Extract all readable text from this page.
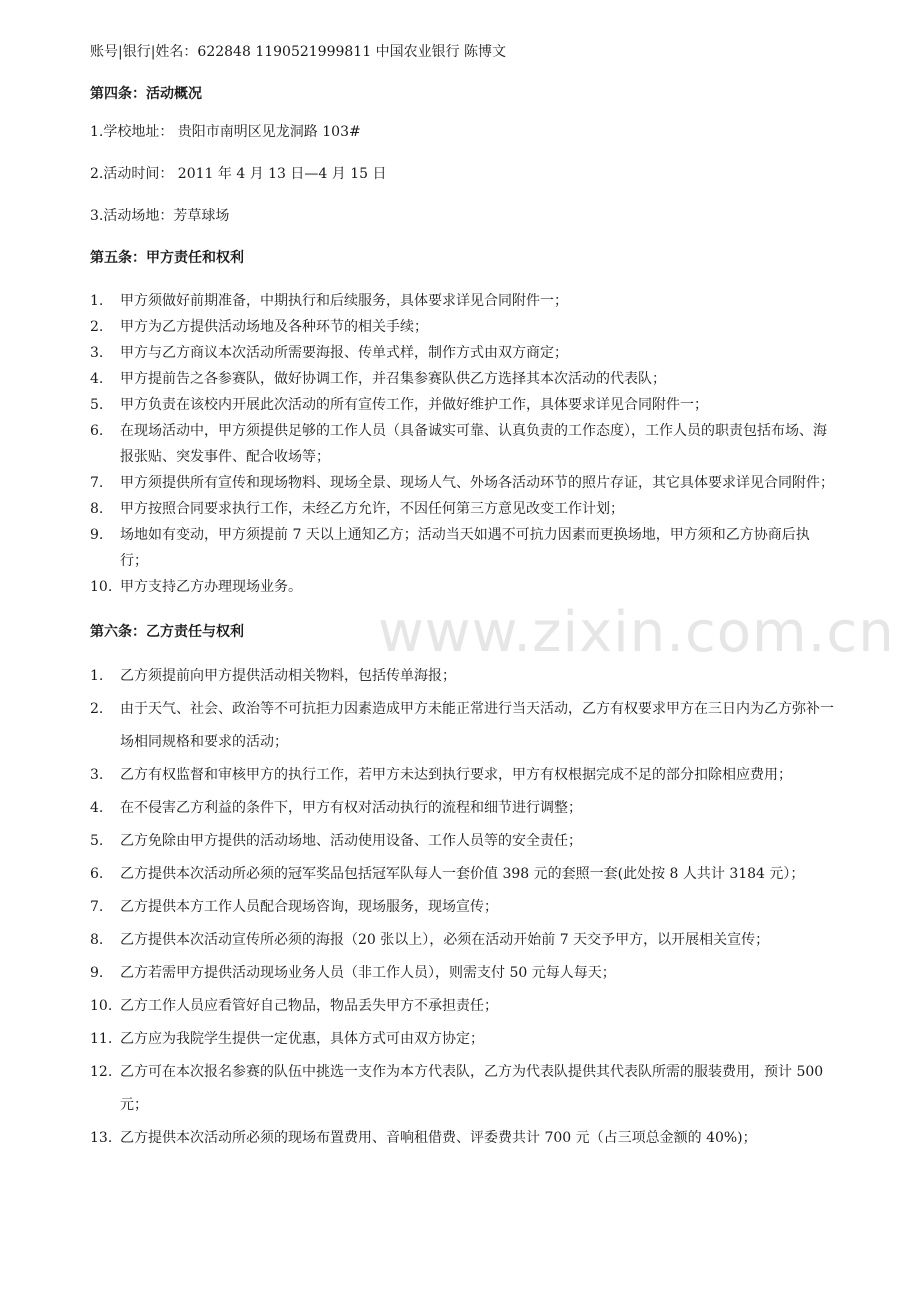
www.zixin.com.cn
账号|银行|姓名：622848 1190521999811 中国农业银行 陈博文
第四条：活动概况
1.学校地址： 贵阳市南明区见龙洞路 103#
2.活动时间： 2011 年 4 月 13 日—4 月 15 日
3.活动场地：芳草球场
第五条：甲方责任和权利
1. 甲方须做好前期准备，中期执行和后续服务，具体要求详见合同附件一；
2. 甲方为乙方提供活动场地及各种环节的相关手续；
3. 甲方与乙方商议本次活动所需要海报、传单式样，制作方式由双方商定；
4. 甲方提前告之各参赛队，做好协调工作，并召集参赛队供乙方选择其本次活动的代表队；
5. 甲方负责在该校内开展此次活动的所有宣传工作，并做好维护工作，具体要求详见合同附件一；
6. 在现场活动中，甲方须提供足够的工作人员（具备诚实可靠、认真负责的工作态度），工作人员的职责包括布场、海报张贴、突发事件、配合收场等；
7. 甲方须提供所有宣传和现场物料、现场全景、现场人气、外场各活动环节的照片存证，其它具体要求详见合同附件；
8. 甲方按照合同要求执行工作，未经乙方允许，不因任何第三方意见改变工作计划；
9. 场地如有变动，甲方须提前 7 天以上通知乙方；活动当天如遇不可抗力因素而更换场地，甲方须和乙方协商后执行；
10. 甲方支持乙方办理现场业务。
第六条：乙方责任与权利
1. 乙方须提前向甲方提供活动相关物料，包括传单海报；
2. 由于天气、社会、政治等不可抗拒力因素造成甲方未能正常进行当天活动，乙方有权要求甲方在三日内为乙方弥补一场相同规格和要求的活动；
3. 乙方有权监督和审核甲方的执行工作，若甲方未达到执行要求，甲方有权根据完成不足的部分扣除相应费用；
4. 在不侵害乙方利益的条件下，甲方有权对活动执行的流程和细节进行调整；
5. 乙方免除由甲方提供的活动场地、活动使用设备、工作人员等的安全责任；
6. 乙方提供本次活动所必须的冠军奖品包括冠军队每人一套价值 398 元的套照一套(此处按 8 人共计 3184 元）；
7. 乙方提供本方工作人员配合现场咨询，现场服务，现场宣传；
8. 乙方提供本次活动宣传所必须的海报（20 张以上），必须在活动开始前 7 天交予甲方，以开展相关宣传；
9. 乙方若需甲方提供活动现场业务人员（非工作人员），则需支付 50 元每人每天；
10. 乙方工作人员应看管好自己物品，物品丢失甲方不承担责任；
11. 乙方应为我院学生提供一定优惠，具体方式可由双方协定；
12. 乙方可在本次报名参赛的队伍中挑选一支作为本方代表队，乙方为代表队提供其代表队所需的服装费用，预计 500 元；
13. 乙方提供本次活动所必须的现场布置费用、音响租借费、评委费共计 700 元（占三项总金额的 40%)；
